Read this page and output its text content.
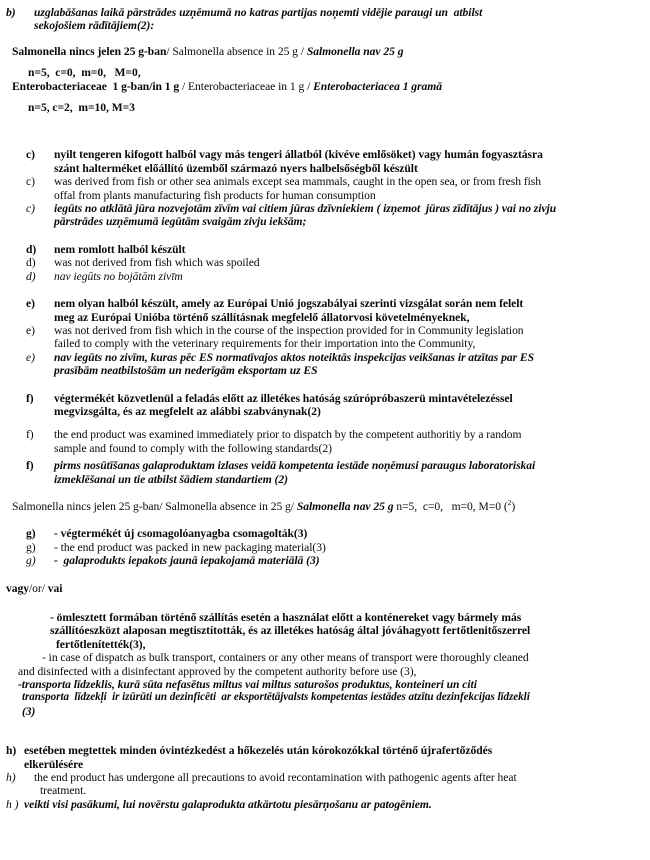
b)	uzglabāšanas laikā pārstrādes uzņēmumā no katras partijas noņemti vidējie paraugi un  atbilst
sekojošiem rādītājiem(2):
Salmonella nincs jelen 25 g-ban/ Salmonella absence in 25 g / Salmonella nav 25 g
n=5,  c=0,  m=0,   M=0,
Enterobacteriaceae  1 g-ban/in 1 g / Enterobacteriaceae in 1 g / Enterobacteriacea 1 gramā
n=5, c=2,  m=10, M=3
c)	nyilt tengeren kifogott halból vagy más tengeri állatból (kivéve emlősöket) vagy humán fogyasztásra
szánt halterméket előállító üzemből származó nyers halbelsőségből készült
c)	was derived from fish or other sea animals except sea mammals, caught in the open sea, or from fresh fish
offal from plants manufacturing fish products for human consumption
c)	iegūts no atklātā jūra nozvejotām zīvīm vai citiem jūras dzīvniekiem ( izņemot  jūras zīdītājus ) vai no zivju
pārstrādes uzņēmumā iegūtām svaigām zivju iekšām;
d)	nem romlott halból készült
d)	was not derived from fish which was spoiled
d)	nav iegūts no bojātām zivīm
e)	nem olyan halból készült, amely az Európai Unió jogszabályai szerinti vizsgálat során nem felelt
meg az Európai Unióba történő szállításnak megfelelő állatorvosi követelményeknek,
e)	was not derived from fish which in the course of the inspection provided for in Community legislation
failed to comply with the veterinary requirements for their importation into the Community,
e)	nav iegūts no zivīm, kuras pēc ES normatīvajos aktos noteiktās inspekcijas veikšanas ir atzītas par ES
prasībām neatbilstošām un nederīgām eksportam uz ES
f)	végtermékét közvetlenül a feladás előtt az illetékes hatóság szúrópróbaszerü mintavételezéssel
megvizsgálta, és az megfelelt az alábbi szabványnak(2)
f)	the end product was examined immediately prior to dispatch by the competent authoritiy by a random
sample and found to comply with the following standards(2)
f)	pirms nosūtīšanas galaproduktam izlases veidā kompetenta iestāde noņēmusi paraugus laboratoriskai
izmeklēšanai un tie atbilst šādiem standartiem (2)
Salmonella nincs jelen 25 g-ban/ Salmonella absence in 25 g/ Salmonella nav 25 g n=5,  c=0,   m=0, M=0 ($^2$)
g)	- végtermékét új csomagolóanyagba csomagolták(3)
g)	- the end product was packed in new packaging material(3)
g)	-  galaprodukts iepakots jaunā iepakojamā materiālā (3)
vagy/or/ vai
- ömlesztett formában történő szállítás esetén a használat előtt a konténereket vagy bármely más
szállítóeszközt alaposan megtisztították, és az illetékes hatóság által jóváhagyott fertőtlenitőszerrel
fertőtlenítették(3),
- in case of dispatch as bulk transport, containers or any other means of transport were thoroughly cleaned
and disinfected with a disinfectant approved by the competent authority before use (3),
-transporta līdzeklis, kurā sūta nefasētus miltus vai miltus saturošos produktus, konteineri un citi
transporta  līdzekļi  ir izūrūti un dezinficēti  ar eksportētājvalsts kompetentas iestādes atzītu dezinfekcijas līdzekli
(3)
h) esetében megtettek minden óvintézkedést a hőkezelés után kórokozókkal történő újrafertőződés
elkerülésére
h)	the end product has undergone all precautions to avoid recontamination with pathogenic agents after heat
treatment.
h ) veikti visi pasākumi, lui novērstu galaprodukta atkārtotu piesārņošanu ar patogēniem.
